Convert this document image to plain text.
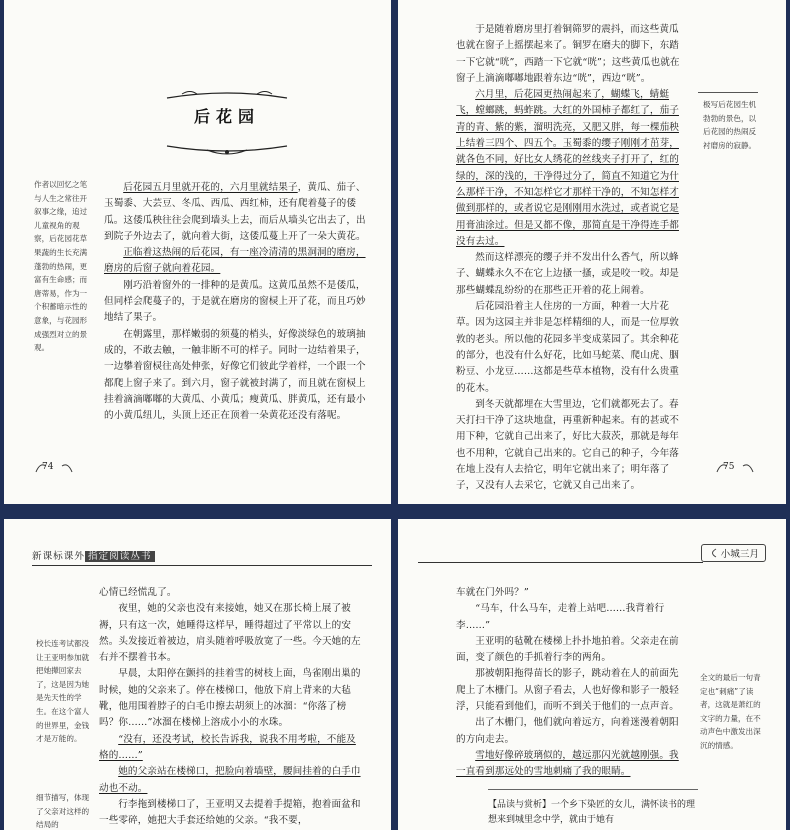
后花园
作者以回忆之笔与人生之常往开叙事之缘，追过儿童视角的观察，后花园花草果蔬的生长充满蓬勃的热闹，更富有生命感；而唐蒂易，作为一个积蓄暗示性的意象，与花园形成强烈对立的景观。

后花园五月里就开花的，六月里就结果子，黄瓜、茄子、玉蜀黍、大芸豆、冬瓜、西瓜、西红柿，还有爬着蔓子的倭瓜。这倭瓜秧往往会爬到墙头上去，而后从墙头它出去了，出到院子外边去了，就向着大街，这倭瓜蔓上开了一朵大黄花。

正临着这热闹的后花园，有一座冷清清的黑洞洞的磨房，磨房的后窗子就向着花园。

刚巧沿着窗外的一排种的是黄瓜。这黄瓜虽然不是倭瓜，但同样会爬蔓子的，于是就在磨房的窗棂上开了花，而且巧妙地结了果子。

在朝露里，那样嫩弱的须蔓的梢头，好像淡绿色的玻璃抽成的，不敢去触，一触非断不可的样子。同时一边结着果子，一边攀着窗棂往高处伸张，好像它们彼此学着样，一个跟一个都爬上窗子来了。到六月，窗子就被封满了，而且就在窗棂上挂着滴滴嘟嘟的大黄瓜、小黄瓜；瘦黄瓜、胖黄瓜，还有最小的小黄瓜纽儿，头顶上还正在顶着一朵黄花还没有落呢。

74

于是随着磨房里打着铜筛罗的震抖，而这些黄瓜也就在窗子上摇摆起来了。铜罗在磨夫的脚下，东踏一下它就“咣”，西踏一下它就“咣”；这些黄瓜也就在窗子上滴滴嘟嘟地跟着东边“咣”，西边“咣”。

六月里，后花园更热闹起来了，蝴蝶飞，蜻蜓飞，螳螂跳，蚂蚱跳。大红的外国柿子都红了，茄子青的青、紫的紫，溜明洗亮，又肥又胖，每一棵茄秧上结着三四个、四五个。玉蜀黍的缨子刚刚才茁芽，就各色不同，好比女人绣花的丝线夹子打开了，红的绿的，深的浅的，干净得过分了，简直不知道它为什么那样干净，不知怎样它才那样干净的，不知怎样才做到那样的，或者说它是刚刚用水洗过，或者说它是用膏油涂过。但是又都不像，那简直是干净得连手都没有去过。

然而这样漂亮的缨子并不发出什么香气，所以蜂子、蝴蝶永久不在它上边搔一搔，或是咬一咬。却是那些蝴蝶乱纷纷的在那些正开着的花上闹着。

后花园沿着主人住房的一方面，种着一大片花草。因为这园主并非是怎样精细的人，而是一位厚敦敦的老头。所以他的花园多半变成菜园了。其余种花的部分，也没有什么好花，比如马蛇菜、爬山虎、胭粉豆、小龙豆……这都是些草本植物，没有什么贵重的花木。

到冬天就都埋在大雪里边，它们就都死去了。春天打扫干净了这块地盘，再重新种起来。有的甚或不用下种，它就自己出来了，好比大菽茨，那就是每年也不用种，它就自己出来的。它自己的种子，今年落在地上没有人去拾它，明年它就出来了；明年落了子，又没有人去采它，它就又自己出来了。

极写后花园生机勃勃的景色，以后花园的热闹反衬磨房的寂静。
75
新课标课外 指定阅读丛书
校长连考试都没让王亚明参加就把她撵回家去了，这是因为她是先天性的学生。在这个富人的世界里，金钱才是万能的。
细节描写，体现了父亲对这样的结局的

心情已经慌乱了。

夜里，她的父亲也没有来接她，她又在那长椅上展了被褥，只有这一次，她睡得这样早，睡得超过了平常以上的安然。头发接近着被边，肩头随着呼吸放宽了一些。今天她的左右并不摆着书本。

早晨，太阳停在颤抖的挂着雪的树枝上面，鸟雀刚出巢的时候，她的父亲来了。停在楼梯口，他放下肩上背来的大毡靴，他用围着脖子的白毛巾擦去胡须上的冰溜：“你落了榜吗？你……”冰溜在楼梯上溶成小小的水珠。

“没有，还没考试，校长告诉我，说我不用考啦，不能及格的……”

她的父亲站在楼梯口，把脸向着墙壁，腰间挂着的白手巾动也不动。

行李拖到楼梯口了，王亚明又去提着手提箱，抱着面盆和一些零碎，她把大手套还给她的父亲。“我不要，

小城三月

车就在门外吗？”

“马车，什么马车，走着上站吧……我背着行李……”

王亚明的毡靴在楼梯上扑扑地拍着。父亲走在前面，变了颜色的手抓着行李的两角。

那被朝阳拖得苗长的影子，跳动着在人的前面先爬上了木栅门。从窗子看去，人也好像和影子一般轻浮，只能看到他们，而听不到关于他们的一点声音。

出了木栅门，他们就向着远方，向着迷漫着朝阳的方向走去。

雪地好像碎玻璃似的，越远那闪光就越刚强。我一直看到那远处的雪地刺痛了我的眼睛。

全文的最后一句青定也“刺痛”了读者，这就是萧红的文字的力量，在不动声色中激发出深沉的情感。
【品读与赏析】一个乡下染匠的女儿，满怀读书的理想来到城里念中学，就由于她有
